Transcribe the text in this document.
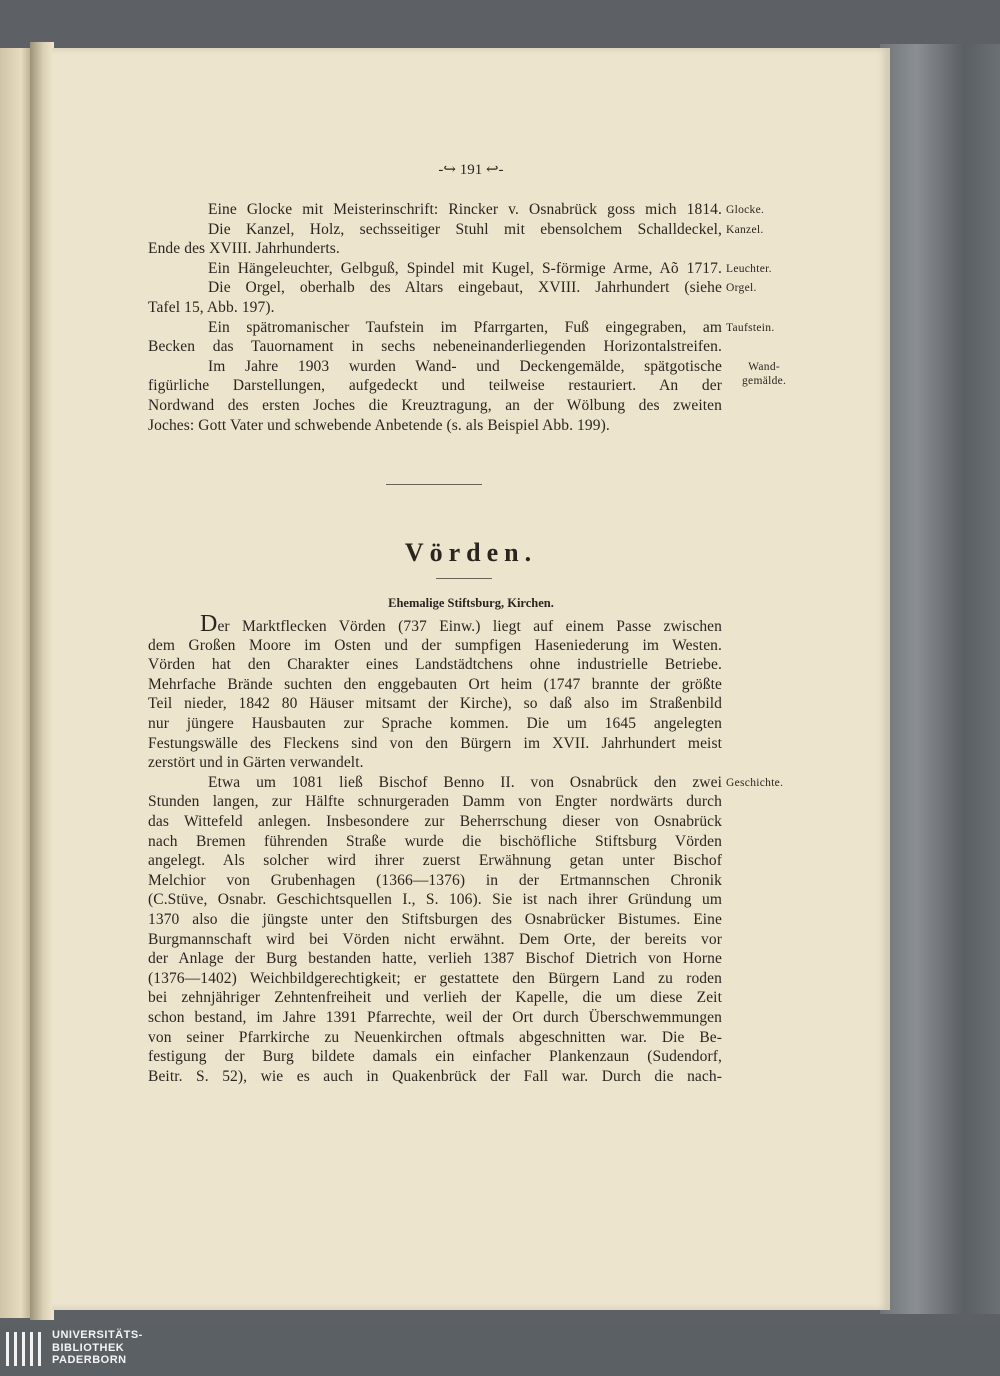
-↪ 191 ↩-
Eine Glocke mit Meisterinschrift: Rincker v. Osnabrück goss mich 1814.
Die Kanzel, Holz, sechsseitiger Stuhl mit ebensolchem Schalldeckel,
Ende des XVIII. Jahrhunderts.
Ein Hängeleuchter, Gelbguß, Spindel mit Kugel, S-förmige Arme, Aõ 1717.
Die Orgel, oberhalb des Altars eingebaut, XVIII. Jahrhundert (siehe
Tafel 15, Abb. 197).
Ein spätromanischer Taufstein im Pfarrgarten, Fuß eingegraben, am
Becken das Tauornament in sechs nebeneinanderliegenden Horizontalstreifen.
Im Jahre 1903 wurden Wand- und Deckengemälde, spätgotische
figürliche Darstellungen, aufgedeckt und teilweise restauriert. An der
Nordwand des ersten Joches die Kreuztragung, an der Wölbung des zweiten
Joches: Gott Vater und schwebende Anbetende (s. als Beispiel Abb. 199).
Glocke.
Kanzel.
Leuchter.
Orgel.
Taufstein.
Wand-
gemälde.
Vörden.
Ehemalige Stiftsburg, Kirchen.
Der Marktflecken Vörden (737 Einw.) liegt auf einem Passe zwischen
dem Großen Moore im Osten und der sumpfigen Haseniederung im Westen.
Vörden hat den Charakter eines Landstädtchens ohne industrielle Betriebe.
Mehrfache Brände suchten den enggebauten Ort heim (1747 brannte der größte
Teil nieder, 1842 80 Häuser mitsamt der Kirche), so daß also im Straßenbild
nur jüngere Hausbauten zur Sprache kommen. Die um 1645 angelegten
Festungswälle des Fleckens sind von den Bürgern im XVII. Jahrhundert meist
zerstört und in Gärten verwandelt.
Etwa um 1081 ließ Bischof Benno II. von Osnabrück den zwei
Stunden langen, zur Hälfte schnurgeraden Damm von Engter nordwärts durch
das Wittefeld anlegen. Insbesondere zur Beherrschung dieser von Osnabrück
nach Bremen führenden Straße wurde die bischöfliche Stiftsburg Vörden
angelegt. Als solcher wird ihrer zuerst Erwähnung getan unter Bischof
Melchior von Grubenhagen (1366—1376) in der Ertmannschen Chronik
(C.Stüve, Osnabr. Geschichtsquellen I., S. 106). Sie ist nach ihrer Gründung um
1370 also die jüngste unter den Stiftsburgen des Osnabrücker Bistumes. Eine
Burgmannschaft wird bei Vörden nicht erwähnt. Dem Orte, der bereits vor
der Anlage der Burg bestanden hatte, verlieh 1387 Bischof Dietrich von Horne
(1376—1402) Weichbildgerechtigkeit; er gestattete den Bürgern Land zu roden
bei zehnjähriger Zehntenfreiheit und verlieh der Kapelle, die um diese Zeit
schon bestand, im Jahre 1391 Pfarrechte, weil der Ort durch Überschwemmungen
von seiner Pfarrkirche zu Neuenkirchen oftmals abgeschnitten war. Die Be-
festigung der Burg bildete damals ein einfacher Plankenzaun (Sudendorf,
Beitr. S. 52), wie es auch in Quakenbrück der Fall war. Durch die nach-
Geschichte.
UNIVERSITÄTS-
BIBLIOTHEK
PADERBORN
